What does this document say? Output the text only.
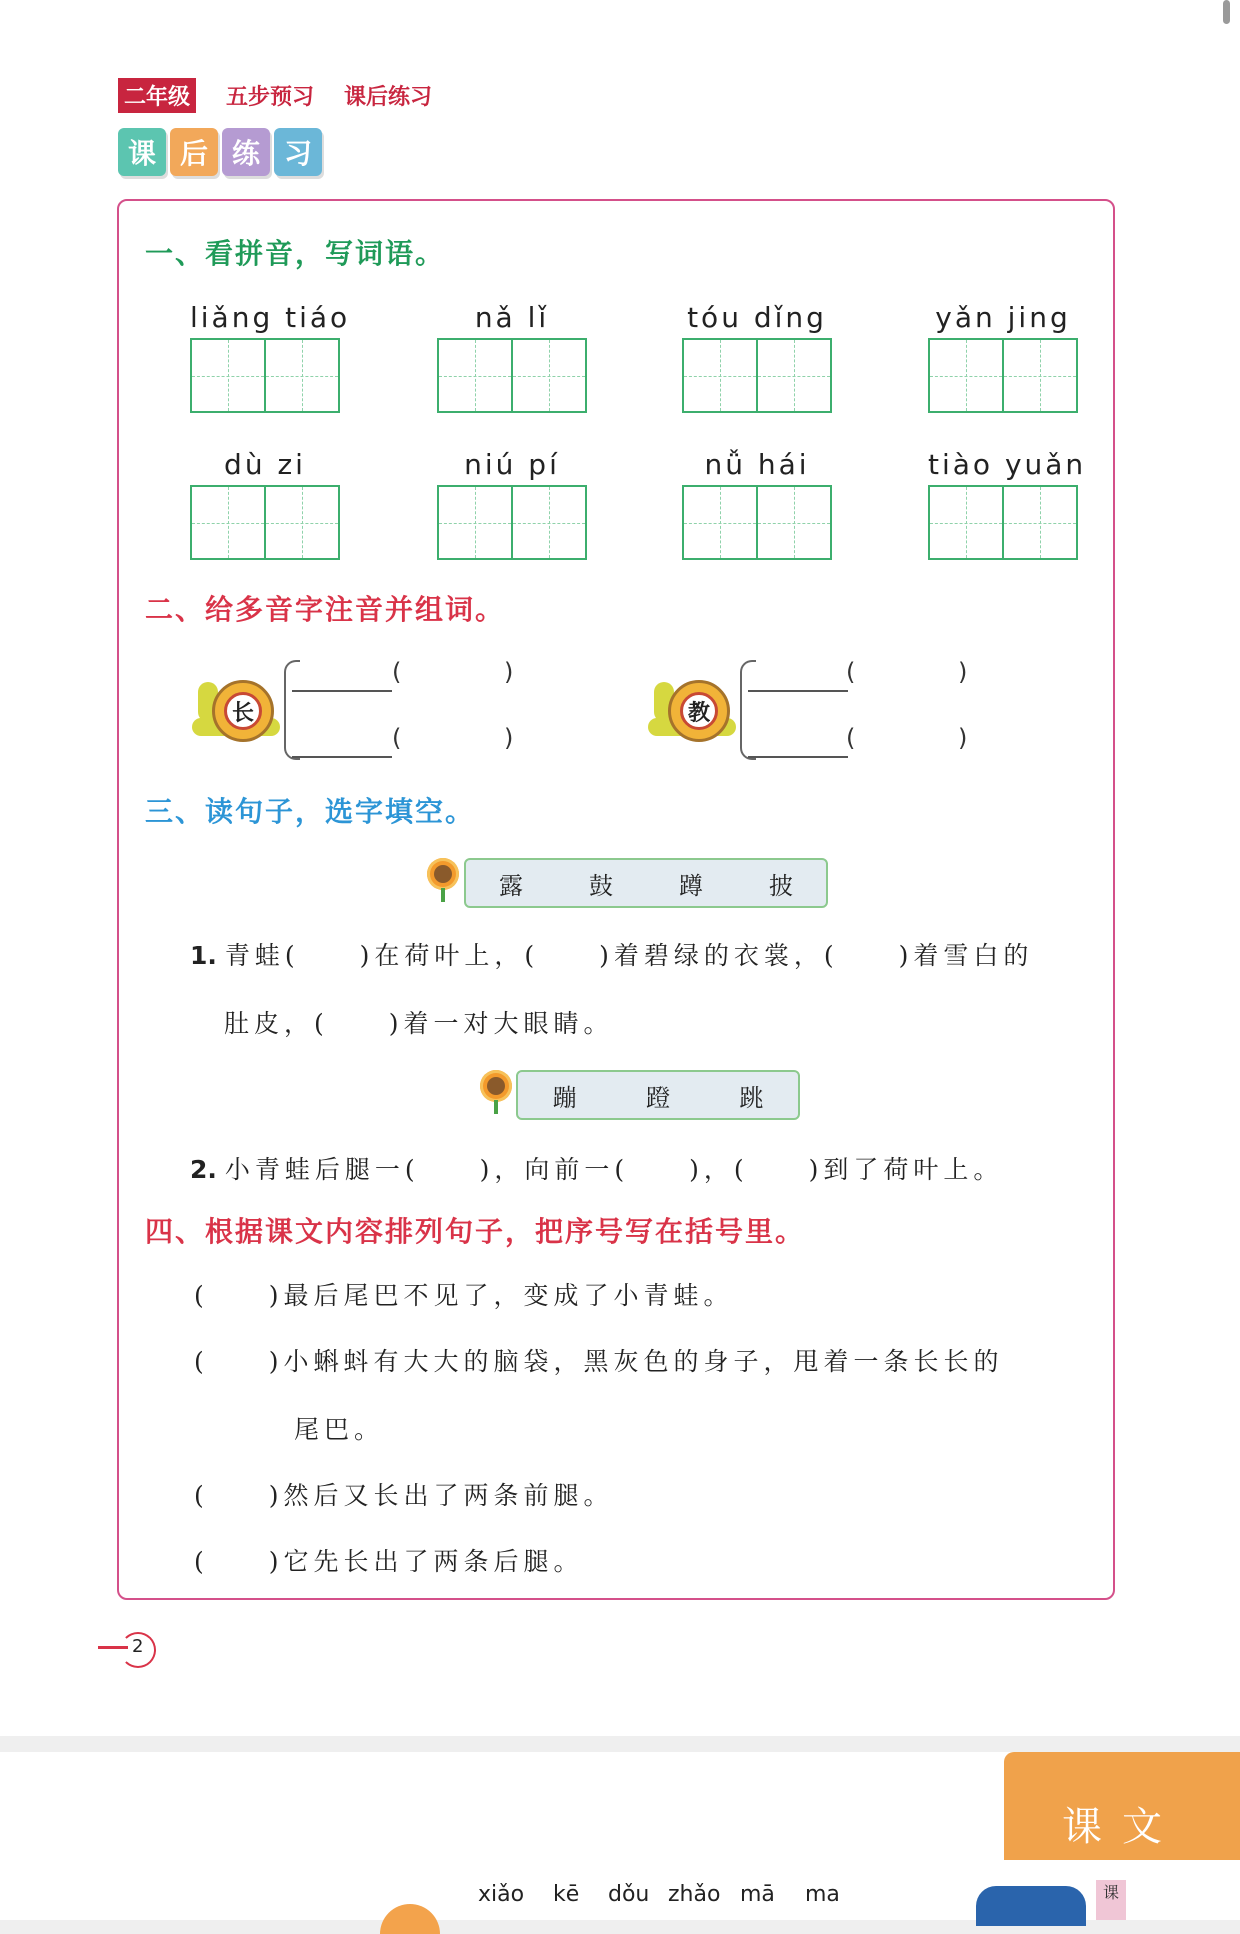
二年级 五步预习 课后练习
课 后 练 习
一、看拼音，写词语。
liǎng tiáo	nǎ lǐ	tóu dǐng	yǎn jing
dù zi	niú pí	nǚ hái	tiào yuǎn
二、给多音字注音并组词。
长
(	)
(	)
教
(	)
(	)
三、读句子，选字填空。
露	鼓	蹲	披
1. 青蛙(　　)在荷叶上，(　　)着碧绿的衣裳，(　　)着雪白的
肚皮，(　　)着一对大眼睛。
蹦	蹬	跳
2. 小青蛙后腿一(　　)，向前一(　　)，(　　)到了荷叶上。
四、根据课文内容排列句子，把序号写在括号里。
(　　)最后尾巴不见了，变成了小青蛙。
(　　)小蝌蚪有大大的脑袋，黑灰色的身子，甩着一条长长的
尾巴。
(　　)然后又长出了两条前腿。
(　　)它先长出了两条后腿。
2
课文
xiǎo kē dǒu zhǎo mā ma	课
